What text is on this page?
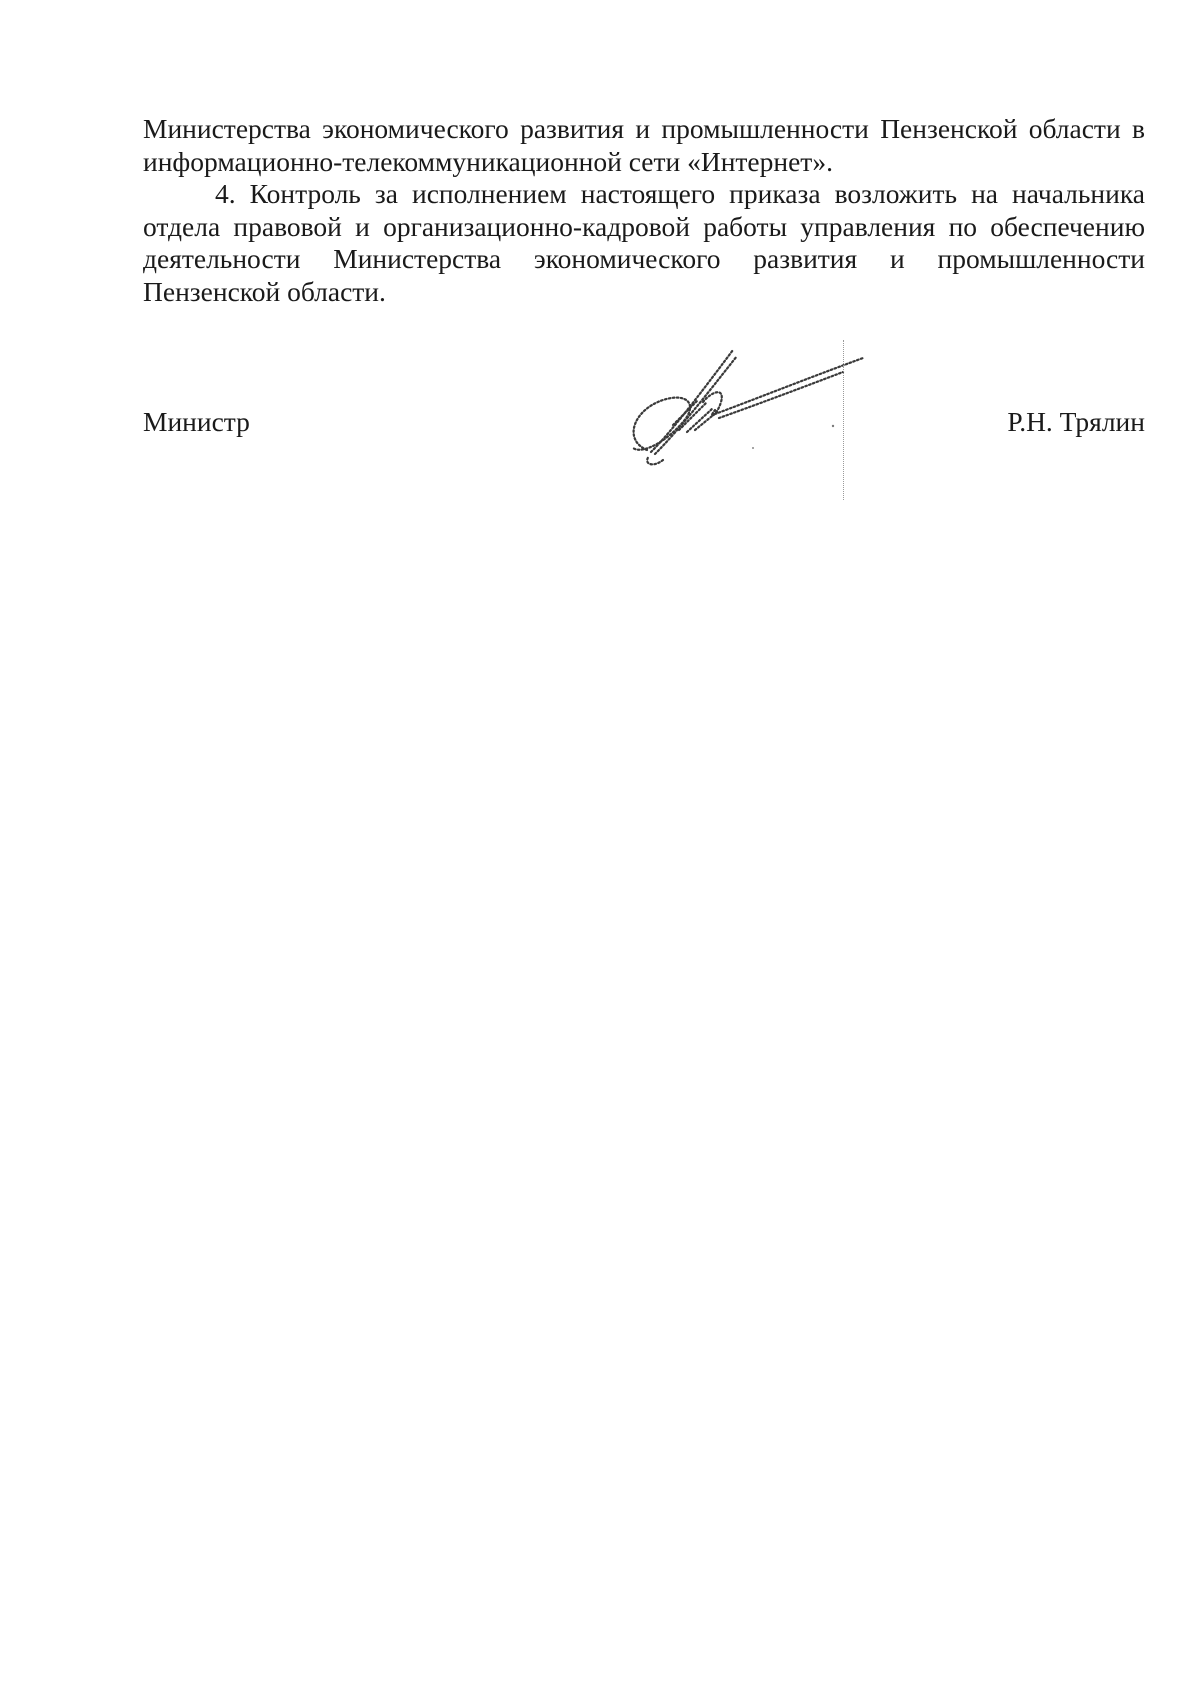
Министерства экономического развития и промышленности Пензенской области в информационно-телекоммуникационной сети «Интернет».

4. Контроль за исполнением настоящего приказа возложить на начальника отдела правовой и организационно-кадровой работы управления по обеспечению деятельности Министерства экономического развития и промышленности Пензенской области.

Министр	Р.Н. Трялин
